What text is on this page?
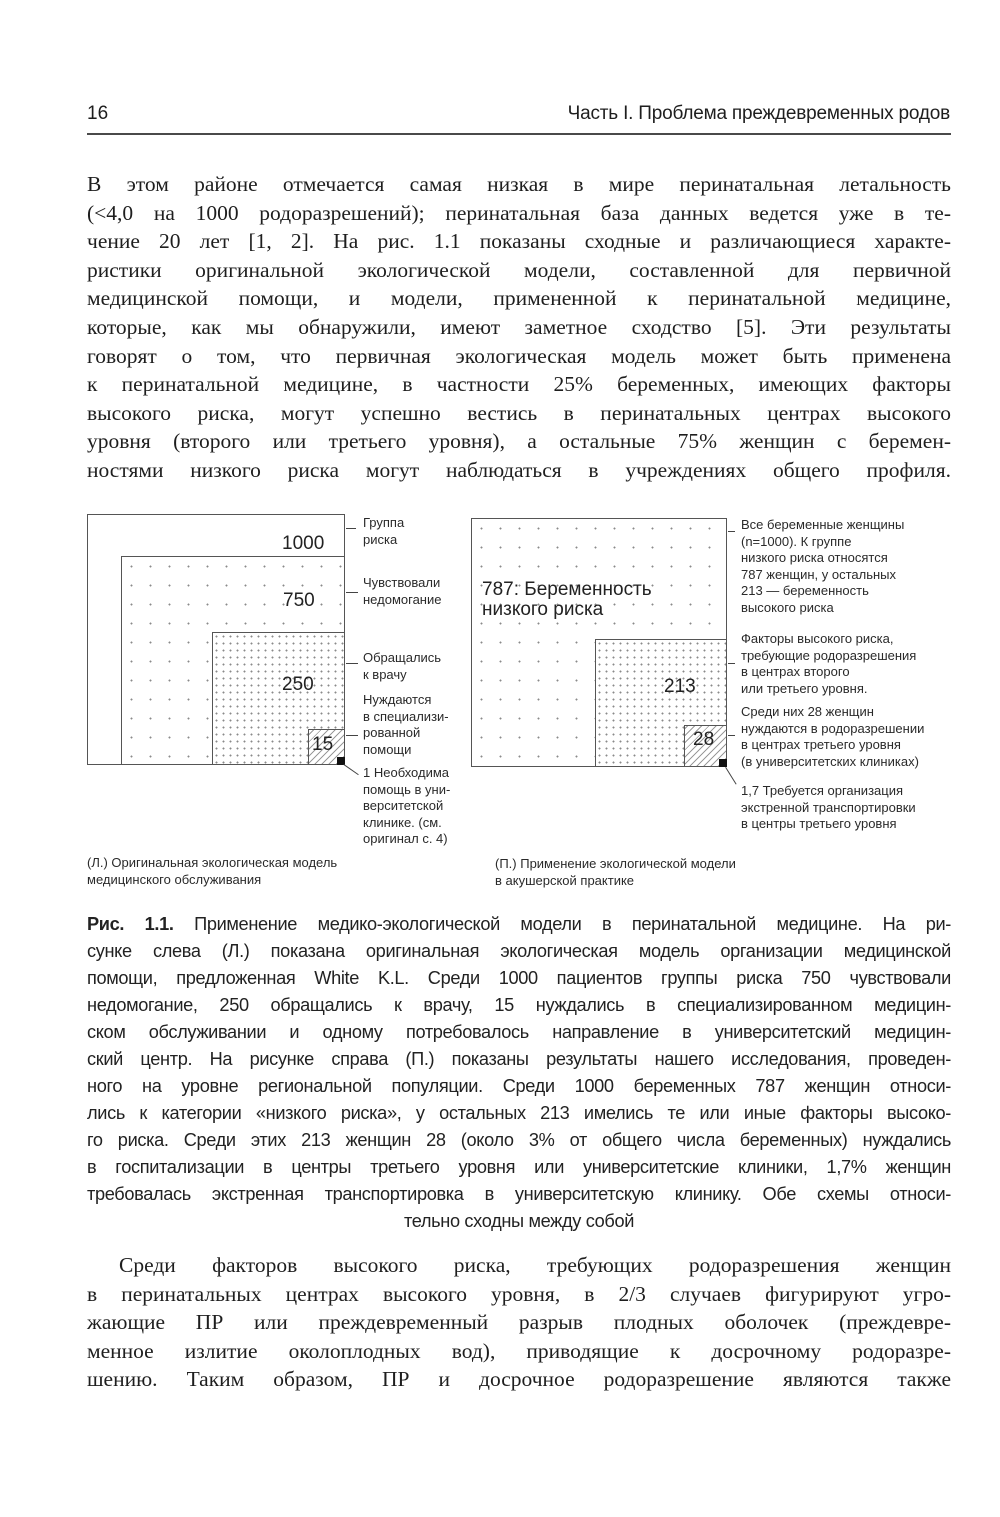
16	Часть I. Проблема преждевременных родов
В этом районе отмечается самая низкая в мире перинатальная летальность
(<4,0 на 1000 родоразрешений); перинатальная база данных ведется уже в те-
чение 20 лет [1, 2]. На рис. 1.1 показаны сходные и различающиеся характе-
ристики оригинальной экологической модели, составленной для первичной
медицинской помощи, и модели, примененной к перинатальной медицине,
которые, как мы обнаружили, имеют заметное сходство [5]. Эти результаты
говорят о том, что первичная экологическая модель может быть применена
к перинатальной медицине, в частности 25% беременных, имеющих факторы
высокого риска, могут успешно вестись в перинатальных центрах высокого
уровня (второго или третьего уровня), а остальные 75% женщин с беремен-
ностями низкого риска могут наблюдаться в учреждениях общего профиля.
1000
750
250
15
Группа
риска
Чувствовали
недомогание
Обращались
к врачу
Нуждаются
в специализи-
рованной
помощи
1 Необходима
помощь в уни-
верситетской
клинике. (см.
оригинал с. 4)
(Л.) Оригинальная экологическая модель
медицинского обслуживания
787: Беременность
низкого риска
213
28
Все беременные женщины
(n=1000). К группе
низкого риска относятся
787 женщин, у остальных
213 — беременность
высокого риска
Факторы высокого риска,
требующие родоразрешения
в центрах второго
или третьего уровня.
Среди них 28 женщин
нуждаются в родоразрешении
в центрах третьего уровня
(в университетских клиниках)
1,7 Требуется организация
экстренной транспортировки
в центры третьего уровня
(П.) Применение экологической модели
в акушерской практике
Рис. 1.1. Применение медико-экологической модели в перинатальной медицине. На ри-
сунке слева (Л.) показана оригинальная экологическая модель организации медицинской
помощи, предложенная White K.L. Среди 1000 пациентов группы риска 750 чувствовали
недомогание, 250 обращались к врачу, 15 нуждались в специализированном медицин-
ском обслуживании и одному потребовалось направление в университетский медицин-
ский центр. На рисунке справа (П.) показаны результаты нашего исследования, проведен-
ного на уровне региональной популяции. Среди 1000 беременных 787 женщин относи-
лись к категории «низкого риска», у остальных 213 имелись те или иные факторы высоко-
го риска. Среди этих 213 женщин 28 (около 3% от общего числа беременных) нуждались
в госпитализации в центры третьего уровня или университетские клиники, 1,7% женщин
требовалась экстренная транспортировка в университетскую клинику. Обе схемы относи-
тельно сходны между собой
Среди факторов высокого риска, требующих родоразрешения женщин
в перинатальных центрах высокого уровня, в 2/3 случаев фигурируют угро-
жающие ПР или преждевременный разрыв плодных оболочек (преждевре-
менное излитие околоплодных вод), приводящие к досрочному родоразре-
шению. Таким образом, ПР и досрочное родоразрешение являются также
